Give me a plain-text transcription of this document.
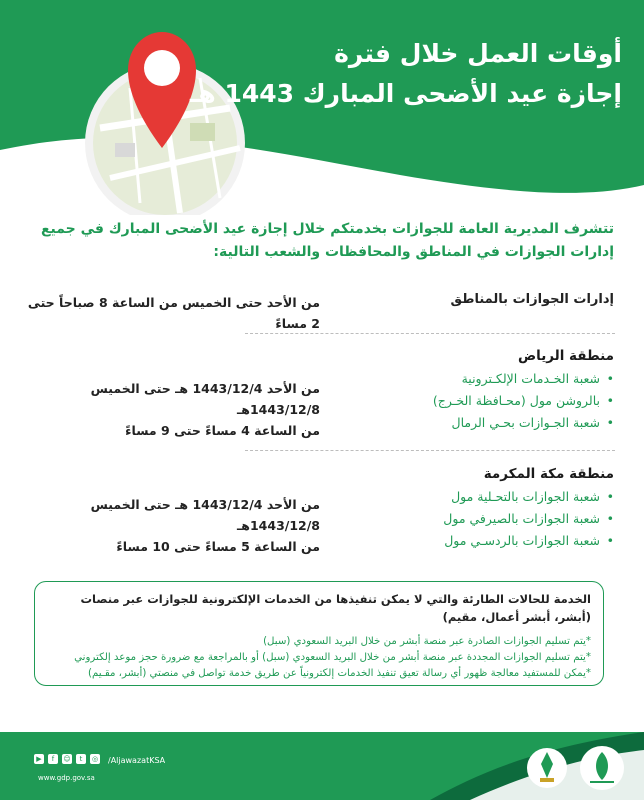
أوقات العمل خلال فترة
إجازة عيد الأضحى المبارك 1443 هـ
تتشرف المديرية العامة للجوازات بخدمتكم خلال إجازة عيد الأضحى المبارك في جميع
إدارات الجوازات في المناطق والمحافظات والشعب التالية:
إدارات الجوازات بالمناطق
من الأحد حتى الخميس من الساعة 8 صباحاً حتى 2 مساءً
منطقة الرياض
• شعبة الخـدمات الإلكـترونية
• بالروشن مول (محـافظة الخـرج)
• شعبة الجـوازات بحـي الرمال
من الأحد 1443/12/4 هـ حتى الخميس 1443/12/8هـ
من الساعة 4 مساءً حتى 9 مساءً
منطقة مكة المكرمة
• شعبة الجوازات بالتحـلية مول
• شعبة الجوازات بالصيرفي مول
• شعبة الجوازات بالردسـي مول
من الأحد 1443/12/4 هـ حتى الخميس 1443/12/8هـ
من الساعة 5 مساءً حتى 10 مساءً
الخدمة للحالات الطارئة والتي لا يمكن تنفيذها من الخدمات الإلكترونية للجوازات عبر منصات (أبشر، أبشر أعمال، مقيم)
*يتم تسليم الجوازات الصادرة عبر منصة أبشر من خلال البريد السعودي (سبل)
*يتم تسليم الجوازات المجددة عبر منصة أبشر من خلال البريد السعودي (سبل) أو بالمراجعة مع ضرورة حجز موعد إلكتروني
*يمكن للمستفيد معالجة ظهور أي رسالة تعيق تنفيذ الخدمات إلكترونياً عن طريق خدمة تواصل في منصتي (أبشر، مقـيم)
▶	f	☺	t	◎ /AljawazatKSA
www.gdp.gov.sa
